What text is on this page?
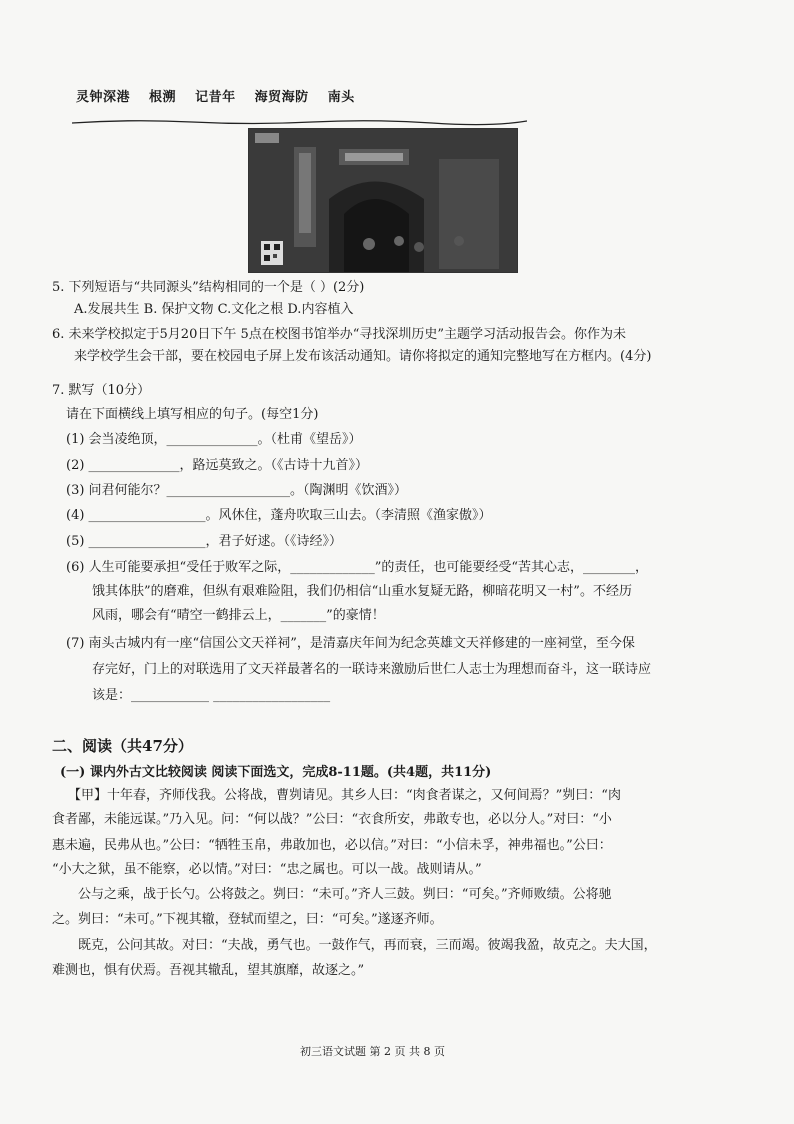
灵钟深港 根溯 记昔年 海贸海防 南头
5. 下列短语与“共同源头”结构相同的一个是（ ）(2分)
A.发展共生 B. 保护文物 C.文化之根 D.内容植入
6. 未来学校拟定于5月20日下午 5点在校图书馆举办“寻找深圳历史”主题学习活动报告会。你作为未
来学校学生会干部，要在校园电子屏上发布该活动通知。请你将拟定的通知完整地写在方框内。(4分)
7. 默写（10分）
请在下面横线上填写相应的句子。(每空1分)
(1) 会当凌绝顶，______________。（杜甫《望岳》）
(2) ______________，路远莫致之。（《古诗十九首》）
(3) 问君何能尔？___________________。（陶渊明《饮酒》）
(4) __________________。风休住，蓬舟吹取三山去。（李清照《渔家傲》）
(5) __________________，君子好逑。（《诗经》）
(6) 人生可能要承担“受任于败军之际，_____________”的责任，也可能要经受“苦其心志，________，
饿其体肤”的磨难，但纵有艰难险阻，我们仍相信“山重水复疑无路，柳暗花明又一村”。不经历
风雨，哪会有“晴空一鹤排云上，_______”的豪情！
(7) 南头古城内有一座“信国公文天祥祠”，是清嘉庆年间为纪念英雄文天祥修建的一座祠堂，至今保
存完好，门上的对联选用了文天祥最著名的一联诗来激励后世仁人志士为理想而奋斗，这一联诗应
该是：____________ __________________
二、阅读（共47分）
(一) 课内外古文比较阅读 阅读下面选文，完成8-11题。(共4题，共11分)
【甲】十年春，齐师伐我。公将战，曹刿请见。其乡人曰：“肉食者谋之，又何间焉？”刿曰：“肉
食者鄙，未能远谋。”乃入见。问：“何以战？”公曰：“衣食所安，弗敢专也，必以分人。”对曰：“小
惠未遍，民弗从也。”公曰：“牺牲玉帛，弗敢加也，必以信。”对曰：“小信未孚，神弗福也。”公曰：
“小大之狱，虽不能察，必以情。”对曰：“忠之属也。可以一战。战则请从。”
公与之乘，战于长勺。公将鼓之。刿曰：“未可。”齐人三鼓。刿曰：“可矣。”齐师败绩。公将驰
之。刿曰：“未可。”下视其辙，登轼而望之，曰：“可矣。”遂逐齐师。
既克，公问其故。对曰：“夫战，勇气也。一鼓作气，再而衰，三而竭。彼竭我盈，故克之。夫大国，
难测也，惧有伏焉。吾视其辙乱，望其旗靡，故逐之。”
初三语文试题 第 2 页 共 8 页
